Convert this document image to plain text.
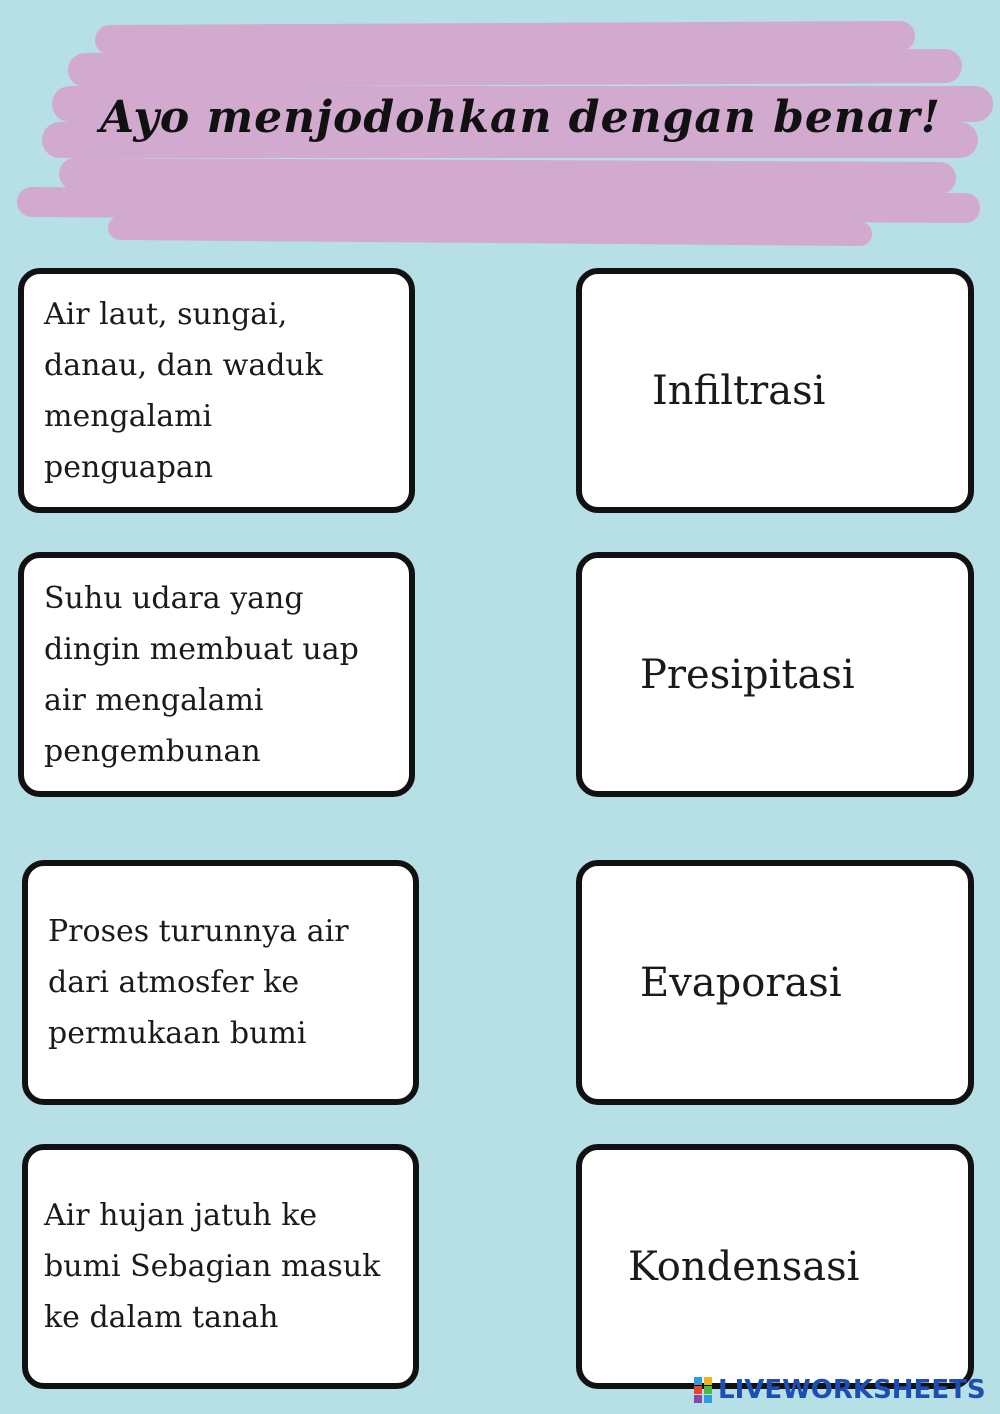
Ayo menjodohkan dengan benar!
Air laut, sungai,
danau, dan waduk
mengalami
penguapan
Suhu udara yang
dingin membuat uap
air mengalami
pengembunan
Proses turunnya air
dari atmosfer ke
permukaan bumi
Air hujan jatuh ke
bumi Sebagian masuk
ke dalam tanah
Infiltrasi
Presipitasi
Evaporasi
Kondensasi
LIVEWORKSHEETS
